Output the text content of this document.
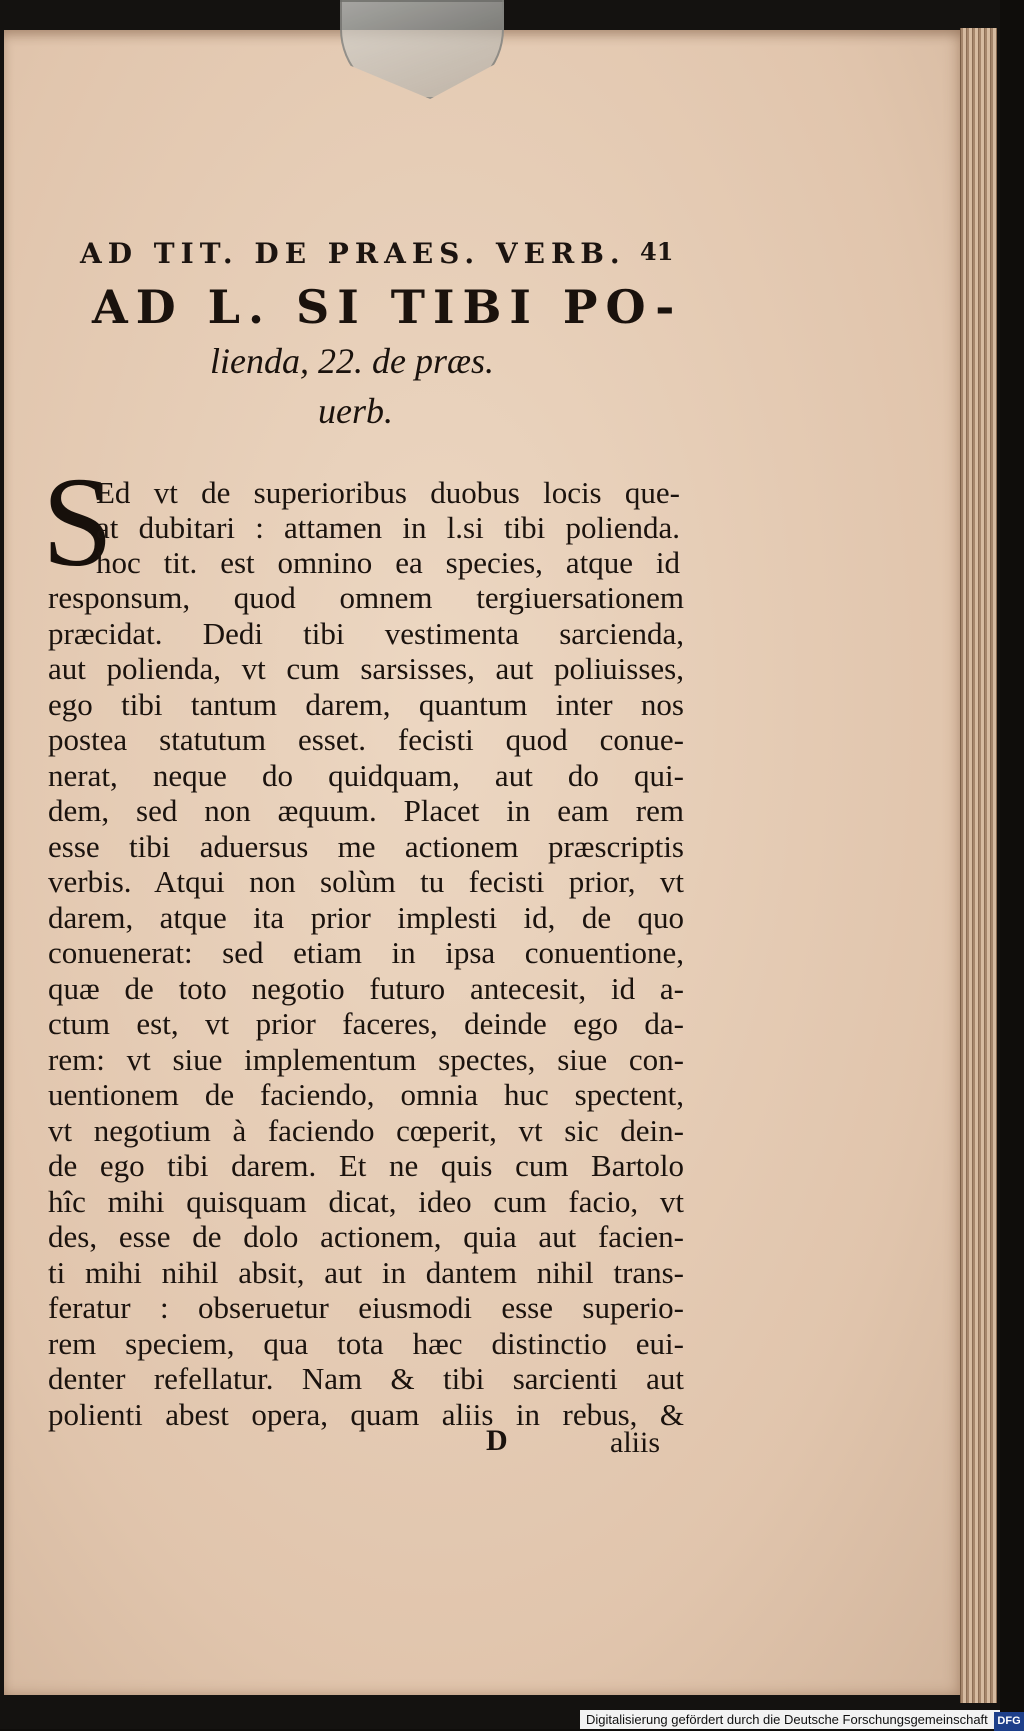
AD TIT. DE PRAES. VERB. 41
AD L. SI TIBI PO-
lienda, 22. de præs.
uerb.
S
Ed vt de superioribus duobus locis que-
at dubitari : attamen in l.si tibi polienda.
hoc tit. est omnino ea species, atque id
responsum, quod omnem tergiuersationem
præcidat. Dedi tibi vestimenta sarcienda,
aut polienda, vt cum sarsisses, aut poliuisses,
ego tibi tantum darem, quantum inter nos
postea statutum esset. fecisti quod conue-
nerat, neque do quidquam, aut do qui-
dem, sed non æquum. Placet in eam rem
esse tibi aduersus me actionem præscriptis
verbis. Atqui non solùm tu fecisti prior, vt
darem, atque ita prior implesti id, de quo
conuenerat: sed etiam in ipsa conuentione,
quæ de toto negotio futuro antecesit, id a-
ctum est, vt prior faceres, deinde ego da-
rem: vt siue implementum spectes, siue con-
uentionem de faciendo, omnia huc spectent,
vt negotium à faciendo cœperit, vt sic dein-
de ego tibi darem. Et ne quis cum Bartolo
hîc mihi quisquam dicat, ideo cum facio, vt
des, esse de dolo actionem, quia aut facien-
ti mihi nihil absit, aut in dantem nihil trans-
feratur : obseruetur eiusmodi esse superio-
rem speciem, qua tota hæc distinctio eui-
denter refellatur. Nam & tibi sarcienti aut
polienti abest opera, quam aliis in rebus, &
D	aliis
Digitalisierung gefördert durch die Deutsche Forschungsgemeinschaft DFG
